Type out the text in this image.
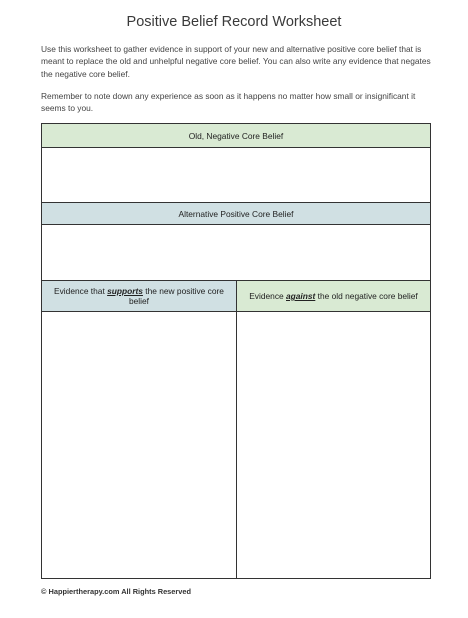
Positive Belief Record Worksheet

Use this worksheet to gather evidence in support of your new and alternative positive core belief that is meant to replace the old and unhelpful negative core belief. You can also write any evidence that negates the negative core belief.

Remember to note down any experience as soon as it happens no matter how small or insignificant it seems to you.

Old, Negative Core Belief
Alternative Positive Core Belief
Evidence that supports the new positive core belief	Evidence against the old negative core belief
© Happiertherapy.com All Rights Reserved
